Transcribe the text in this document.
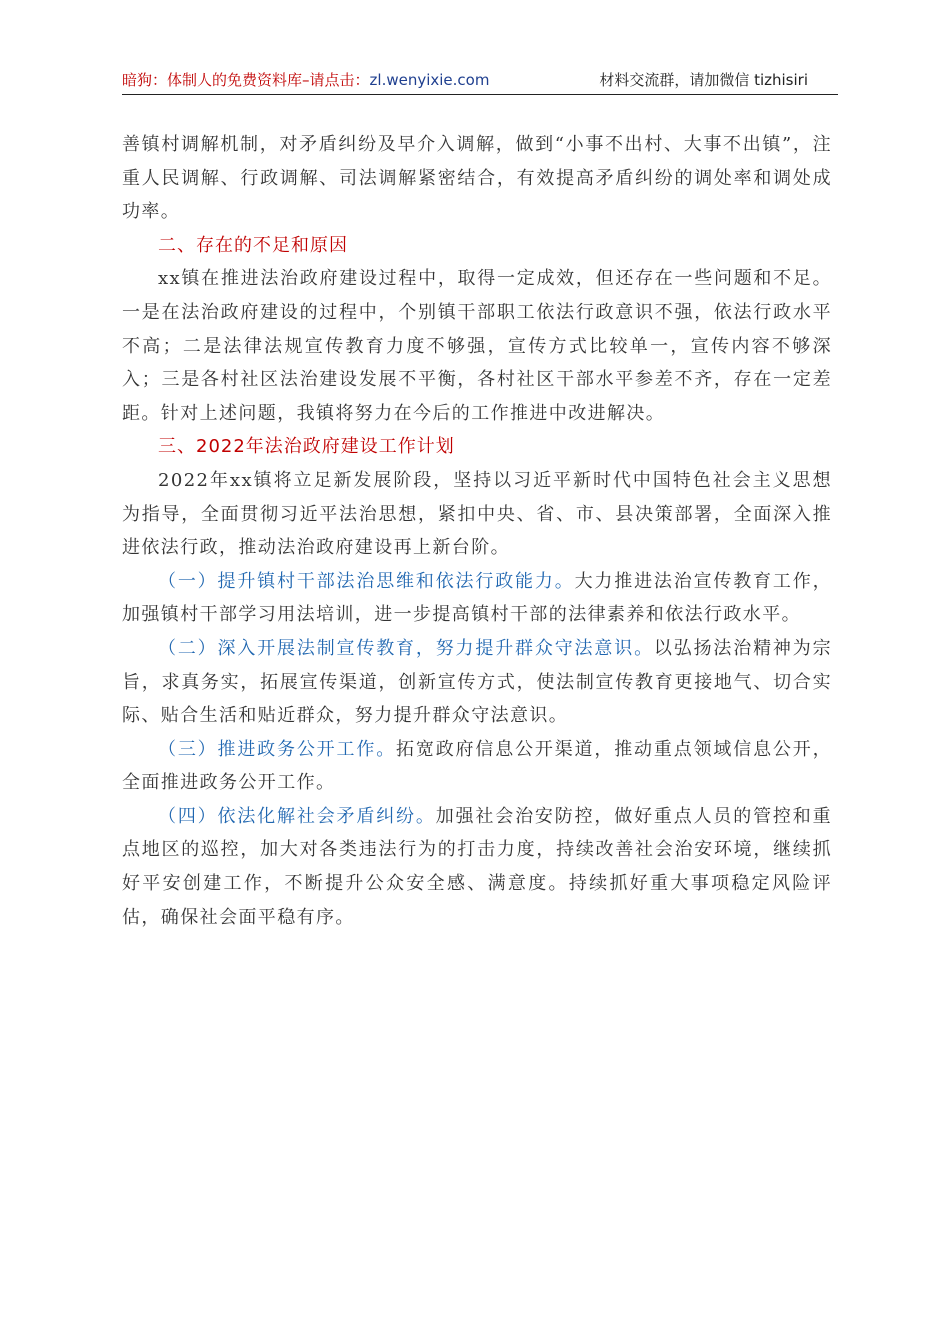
暗狗：体制人的免费资料库–请点击：zl.wenyixie.com	材料交流群，请加微信 tizhisiri

善镇村调解机制，对矛盾纠纷及早介入调解，做到“小事不出村、大事不出镇”，注重人民调解、行政调解、司法调解紧密结合，有效提高矛盾纠纷的调处率和调处成功率。

二、存在的不足和原因

xx镇在推进法治政府建设过程中，取得一定成效，但还存在一些问题和不足。一是在法治政府建设的过程中，个别镇干部职工依法行政意识不强，依法行政水平不高；二是法律法规宣传教育力度不够强，宣传方式比较单一，宣传内容不够深入；三是各村社区法治建设发展不平衡，各村社区干部水平参差不齐，存在一定差距。针对上述问题，我镇将努力在今后的工作推进中改进解决。

三、2022年法治政府建设工作计划

2022年xx镇将立足新发展阶段，坚持以习近平新时代中国特色社会主义思想为指导，全面贯彻习近平法治思想，紧扣中央、省、市、县决策部署，全面深入推进依法行政，推动法治政府建设再上新台阶。

（一）提升镇村干部法治思维和依法行政能力。大力推进法治宣传教育工作，加强镇村干部学习用法培训，进一步提高镇村干部的法律素养和依法行政水平。

（二）深入开展法制宣传教育，努力提升群众守法意识。以弘扬法治精神为宗旨，求真务实，拓展宣传渠道，创新宣传方式，使法制宣传教育更接地气、切合实际、贴合生活和贴近群众，努力提升群众守法意识。

（三）推进政务公开工作。拓宽政府信息公开渠道，推动重点领域信息公开，全面推进政务公开工作。

（四）依法化解社会矛盾纠纷。加强社会治安防控，做好重点人员的管控和重点地区的巡控，加大对各类违法行为的打击力度，持续改善社会治安环境，继续抓好平安创建工作，不断提升公众安全感、满意度。持续抓好重大事项稳定风险评估，确保社会面平稳有序。
